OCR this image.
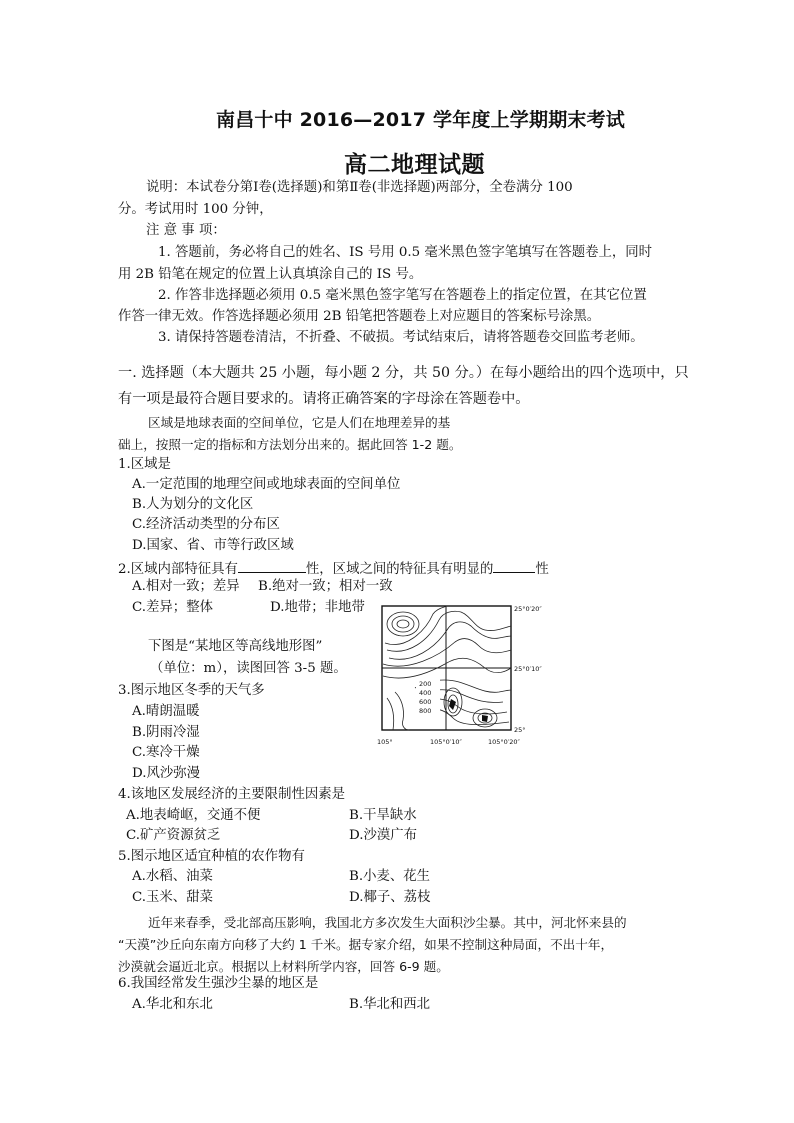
南昌十中 2016—2017 学年度上学期期末考试
高二地理试题
说明：本试卷分第Ⅰ卷(选择题)和第Ⅱ卷(非选择题)两部分，全卷满分 100
分。考试用时 100 分钟，
注 意 事 项：
1. 答题前，务必将自己的姓名、IS 号用 0.5 毫米黑色签字笔填写在答题卷上，同时
用 2B 铅笔在规定的位置上认真填涂自己的 IS 号。
2. 作答非选择题必须用 0.5 毫米黑色签字笔写在答题卷上的指定位置，在其它位置
作答一律无效。作答选择题必须用 2B 铅笔把答题卷上对应题目的答案标号涂黑。
3. 请保持答题卷清洁，不折叠、不破损。考试结束后，请将答题卷交回监考老师。
一. 选择题（本大题共 25 小题，每小题 2 分，共 50 分。）在每小题给出的四个选项中，只
有一项是最符合题目要求的。请将正确答案的字母涂在答题卷中。
区域是地球表面的空间单位，它是人们在地理差异的基
础上，按照一定的指标和方法划分出来的。据此回答 1-2 题。
1.区域是
A.一定范围的地理空间或地球表面的空间单位
B.人为划分的文化区
C.经济活动类型的分布区
D.国家、省、市等行政区域
2.区域内部特征具有	性，区域之间的特征具有明显的	性
A.相对一致；差异 B.绝对一致；相对一致
C.差异；整体	D.地带；非地带
下图是“某地区等高线地形图”
（单位：m），读图回答 3-5 题。
200
400
600
800
25°0′20″
25°0′10″
25°
105°	105°0′10″	105°0′20″
3.图示地区冬季的天气多
A.晴朗温暖
B.阴雨冷湿
C.寒冷干燥
D.风沙弥漫
4.该地区发展经济的主要限制性因素是
A.地表崎岖，交通不便	B.干旱缺水
C.矿产资源贫乏	D.沙漠广布
5.图示地区适宜种植的农作物有
A.水稻、油菜	B.小麦、花生
C.玉米、甜菜	D.椰子、荔枝
近年来春季，受北部高压影响，我国北方多次发生大面积沙尘暴。其中，河北怀来县的
“天漠”沙丘向东南方向移了大约 1 千米。据专家介绍，如果不控制这种局面，不出十年，
沙漠就会逼近北京。根据以上材料所学内容，回答 6-9 题。
6.我国经常发生强沙尘暴的地区是
A.华北和东北	B.华北和西北
